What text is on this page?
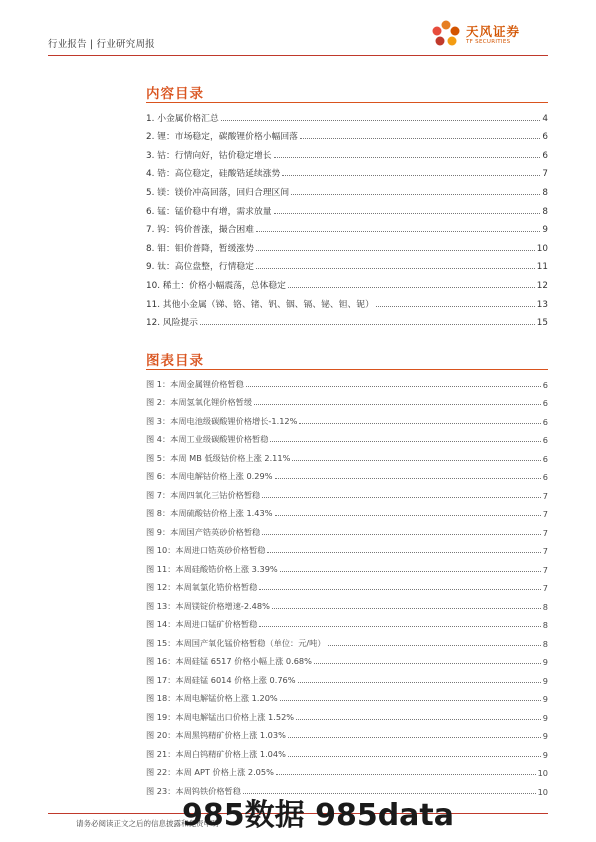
行业报告 | 行业研究周报
天风证券
TF SECURITIES
内容目录
1. 小金属价格汇总	4
2. 锂：市场稳定，碳酸锂价格小幅回落	6
3. 钴：行情向好，钴价稳定增长	6
4. 锆：高位稳定，硅酸锆延续涨势	7
5. 镁：镁价冲高回落，回归合理区间	8
6. 锰：锰价稳中有增，需求放量	8
7. 钨：钨价普涨，撮合困难	9
8. 钼：钼价普降，暂缓涨势	10
9. 钛：高位盘整，行情稳定	11
10. 稀土：价格小幅震荡，总体稳定	12
11. 其他小金属（锑、铬、锗、钒、铟、镉、铋、钽、铌）	13
12. 风险提示	15
图表目录
图 1：本周金属锂价格暂稳	6
图 2：本周氢氧化锂价格暂缓	6
图 3：本周电池级碳酸锂价格增长-1.12%	6
图 4：本周工业级碳酸锂价格暂稳	6
图 5：本周 MB 低级钴价格上涨 2.11%	6
图 6：本周电解钴价格上涨 0.29%	6
图 7：本周四氧化三钴价格暂稳	7
图 8：本周硫酸钴价格上涨 1.43%	7
图 9：本周国产锆英砂价格暂稳	7
图 10：本周进口锆英砂价格暂稳	7
图 11：本周硅酸锆价格上涨 3.39%	7
图 12：本周氧氯化锆价格暂稳	7
图 13：本周镁锭价格增速-2.48%	8
图 14：本周进口锰矿价格暂稳	8
图 15：本周国产氧化锰价格暂稳（单位：元/吨）	8
图 16：本周硅锰 6517 价格小幅上涨 0.68%	9
图 17：本周硅锰 6014 价格上涨 0.76%	9
图 18：本周电解锰价格上涨 1.20%	9
图 19：本周电解锰出口价格上涨 1.52%	9
图 20：本周黑钨精矿价格上涨 1.03%	9
图 21：本周白钨精矿价格上涨 1.04%	9
图 22：本周 APT 价格上涨 2.05%	10
图 23：本周钨铁价格暂稳	10
请务必阅读正文之后的信息披露和免责申明
985数据 985data
